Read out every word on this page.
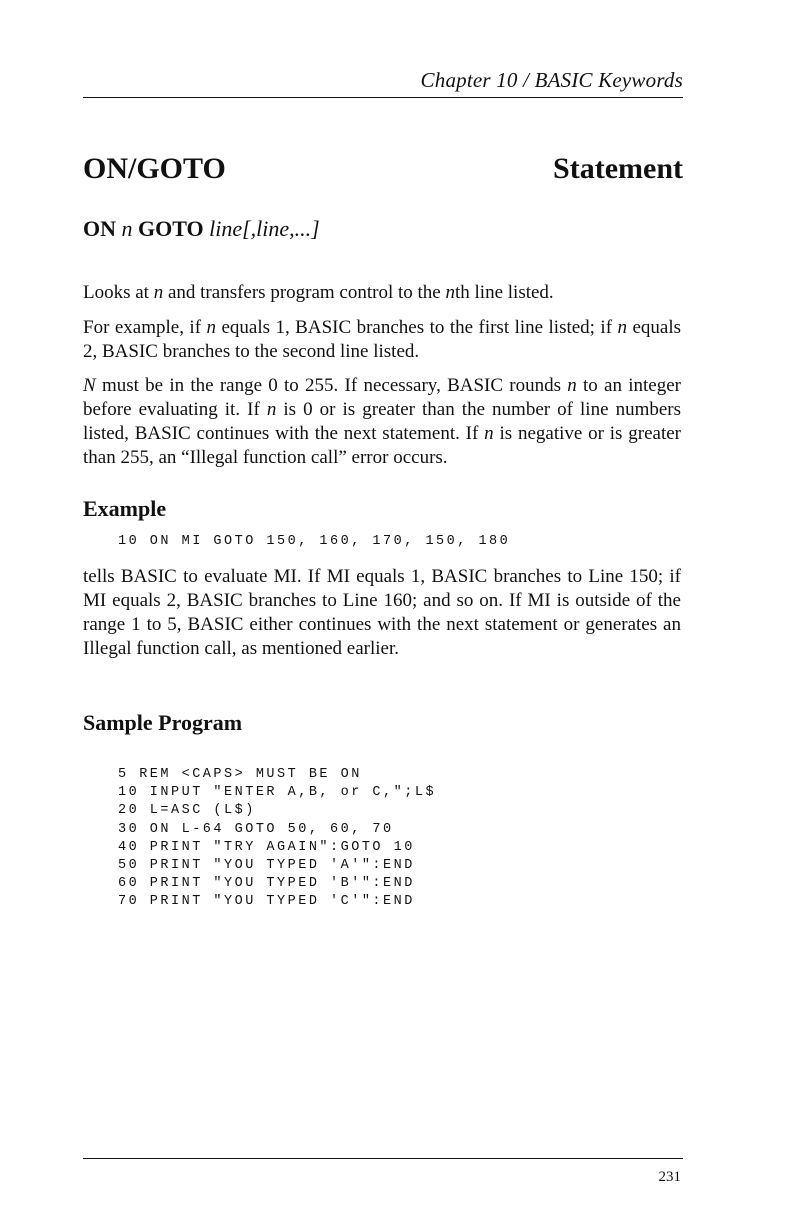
Chapter 10 / BASIC Keywords
ON/GOTO	Statement
ON n GOTO line[,line,...]
Looks at n and transfers program control to the nth line listed.
For example, if n equals 1, BASIC branches to the first line listed; if n equals 2, BASIC branches to the second line listed.
N must be in the range 0 to 255. If necessary, BASIC rounds n to an integer before evaluating it. If n is 0 or is greater than the number of line numbers listed, BASIC continues with the next statement. If n is negative or is greater than 255, an “Illegal function call” error occurs.
Example
10 ON MI GOTO 150, 160, 170, 150, 180
tells BASIC to evaluate MI. If MI equals 1, BASIC branches to Line 150; if MI equals 2, BASIC branches to Line 160; and so on. If MI is outside of the range 1 to 5, BASIC either continues with the next statement or generates an Illegal function call, as mentioned earlier.
Sample Program
5 REM <CAPS> MUST BE ON
10 INPUT "ENTER A,B, or C,";L$
20 L=ASC (L$)
30 ON L-64 GOTO 50, 60, 70
40 PRINT "TRY AGAIN":GOTO 10
50 PRINT "YOU TYPED 'A'":END
60 PRINT "YOU TYPED 'B'":END
70 PRINT "YOU TYPED 'C'":END
231
